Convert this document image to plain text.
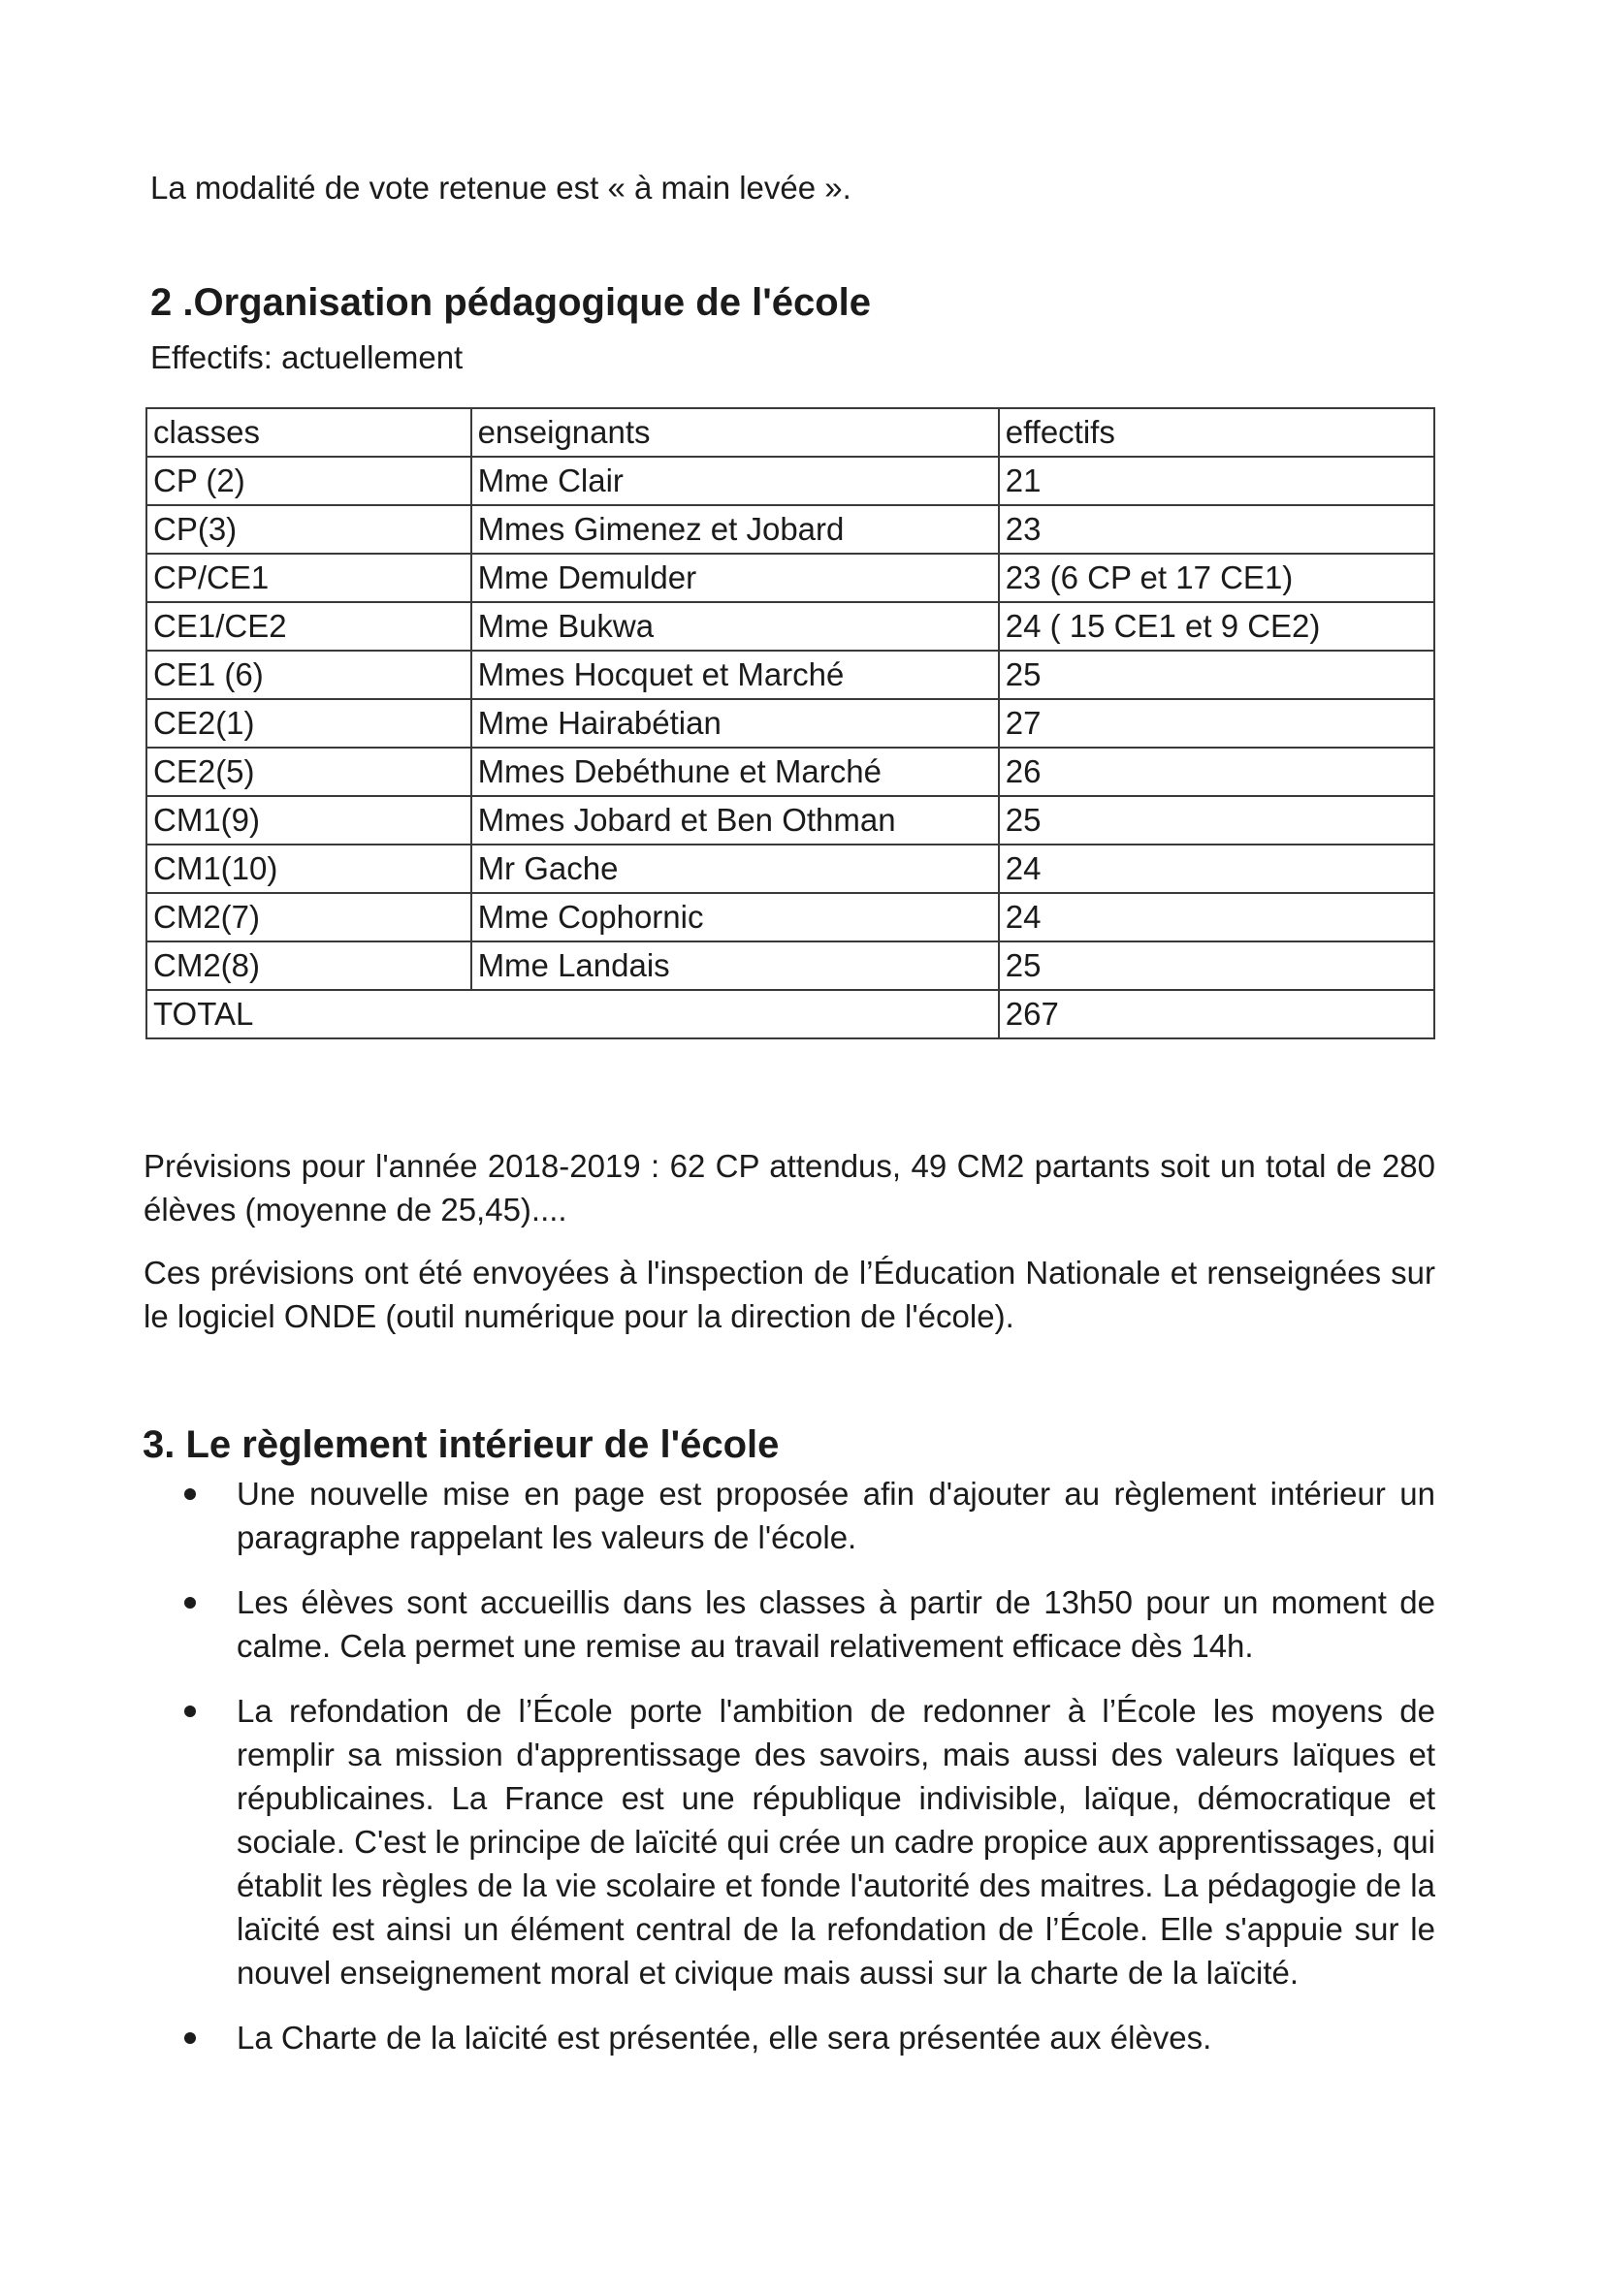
La modalité de vote retenue est « à main levée ».

2 .Organisation pédagogique de l'école

Effectifs: actuellement

classes	enseignants	effectifs
CP (2)	Mme Clair	21
CP(3)	Mmes Gimenez et Jobard	23
CP/CE1	Mme Demulder	23 (6 CP et 17 CE1)
CE1/CE2	Mme Bukwa	24 ( 15 CE1 et 9 CE2)
CE1 (6)	Mmes Hocquet et Marché	25
CE2(1)	Mme Hairabétian	27
CE2(5)	Mmes Debéthune et Marché	26
CM1(9)	Mmes Jobard et Ben Othman	25
CM1(10)	Mr Gache	24
CM2(7)	Mme Cophornic	24
CM2(8)	Mme Landais	25
TOTAL		267

Prévisions pour l'année 2018-2019 : 62 CP attendus, 49 CM2 partants soit un total de 280 élèves (moyenne de 25,45)....

Ces prévisions ont été envoyées à l'inspection de l’Éducation Nationale et renseignées sur le logiciel ONDE (outil numérique pour la direction de l'école).

3. Le règlement intérieur de l'école
Une nouvelle mise en page est proposée afin d'ajouter au règlement intérieur un paragraphe rappelant les valeurs de l'école.
Les élèves sont accueillis dans les classes à partir de 13h50 pour un moment de calme. Cela permet une remise au travail relativement efficace dès 14h.
La refondation de l’École porte l'ambition de redonner à l’École les moyens de remplir sa mission d'apprentissage des savoirs, mais aussi des valeurs laïques et républicaines. La France est une république indivisible, laïque, démocratique et sociale. C'est le principe de laïcité qui crée un cadre propice aux apprentissages, qui établit les règles de la vie scolaire et fonde l'autorité des maitres. La pédagogie de la laïcité est ainsi un élément central de la refondation de l’École. Elle s'appuie sur le nouvel enseignement moral et civique mais aussi sur la charte de la laïcité.
La Charte de la laïcité est présentée, elle sera présentée aux élèves.
